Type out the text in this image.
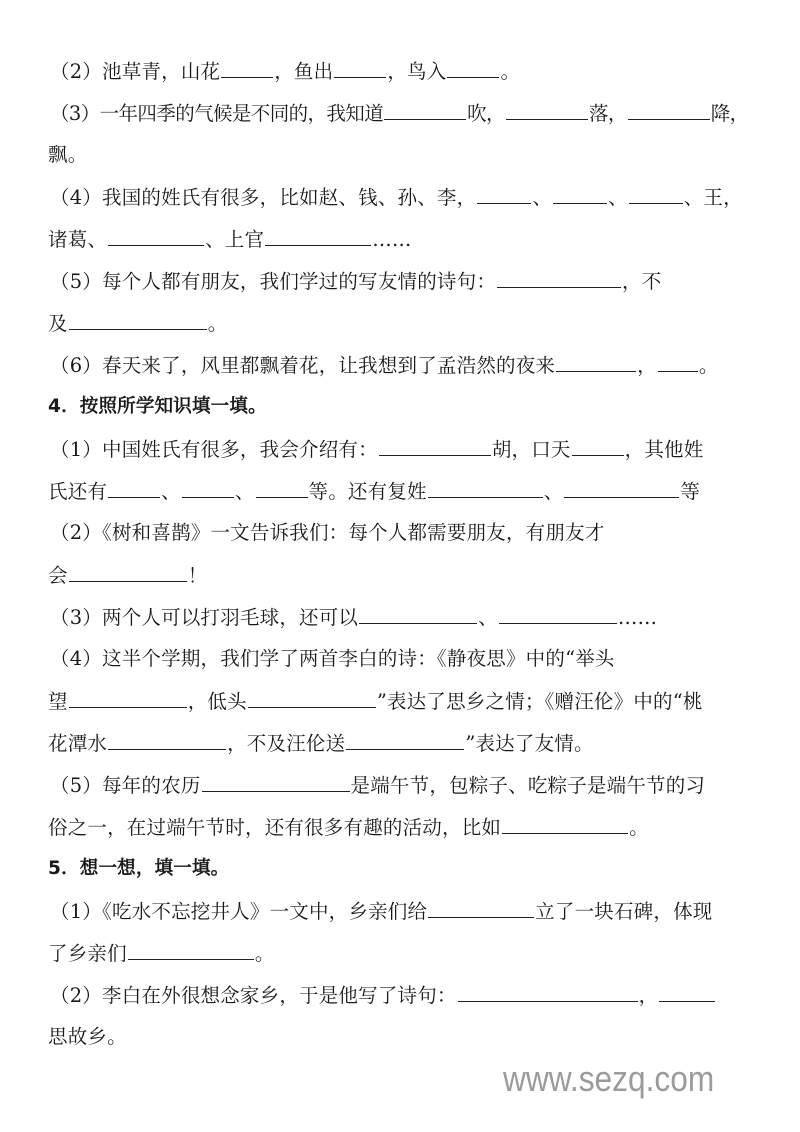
（2）池草青，山花	，鱼出	，鸟入	。
（3）一年四季的气候是不同的，我知道	吹，	落，	降，
飘。
（4）我国的姓氏有很多，比如赵、钱、孙、李，	、	、	、王，
诸葛、	、上官	……
（5）每个人都有朋友，我们学过的写友情的诗句：	，不
及	。
（6）春天来了，风里都飘着花，让我想到了孟浩然的夜来	， 。
4．按照所学知识填一填。
（1）中国姓氏有很多，我会介绍有：	胡，口天	，其他姓
氏还有	、	、	等。还有复姓	、	等
（2）《树和喜鹊》一文告诉我们：每个人都需要朋友，有朋友才
会	！
（3）两个人可以打羽毛球，还可以	、	……
（4）这半个学期，我们学了两首李白的诗：《静夜思》中的“举头
望	，低头	”表达了思乡之情；《赠汪伦》中的“桃
花潭水	，不及汪伦送	”表达了友情。
（5）每年的农历	是端午节，包粽子、吃粽子是端午节的习
俗之一，在过端午节时，还有很多有趣的活动，比如	。
5．想一想，填一填。
（1）《吃水不忘挖井人》一文中，乡亲们给	立了一块石碑，体现
了乡亲们	。
（2）李白在外很想念家乡，于是他写了诗句：	，
思故乡。
www.sezq.com
